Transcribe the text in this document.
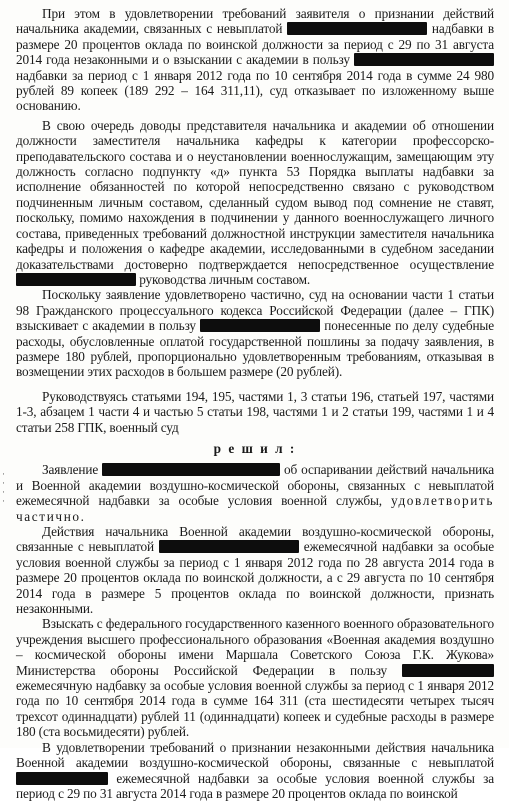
·
·
·
·

При этом в удовлетворении требований заявителя о признании действий начальника академии, связанных с невыплатой	надбавки в размере 20 процентов оклада по воинской должности за период с 29 по 31 августа 2014 года незаконными и о взыскании с академии в пользу  надбавки за период с 1 января 2012 года по 10 сентября 2014 года в сумме 24 980 рублей 89 копеек (189 292 – 164 311,11), суд отказывает по изложенному выше основанию.

В свою очередь доводы представителя начальника и академии об отношении должности заместителя начальника кафедры к категории профессорско-преподавательского состава и о неустановлении военнослужащим, замещающим эту должность согласно подпункту «д» пункта 53 Порядка выплаты надбавки за исполнение обязанностей по которой непосредственно связано с руководством подчиненным личным составом, сделанный судом вывод под сомнение не ставят, поскольку, помимо нахождения в подчинении у данного военнослужащего личного состава, приведенных требований должностной инструкции заместителя начальника кафедры и положения о кафедре академии, исследованными в судебном заседании доказательствами достоверно подтверждается непосредственное осуществление  руководства личным составом.

Поскольку заявление удовлетворено частично, суд на основании части 1 статьи 98 Гражданского процессуального кодекса Российской Федерации (далее – ГПК) взыскивает с академии в пользу	понесенные по делу судебные расходы, обусловленные оплатой государственной пошлины за подачу заявления, в размере 180 рублей, пропорционально удовлетворенным требованиям, отказывая в возмещении этих расходов в большем размере (20 рублей).

Руководствуясь статьями 194, 195, частями 1, 3 статьи 196, статьей 197, частями 1-3, абзацем 1 части 4 и частью 5 статьи 198, частями 1 и 2 статьи 199, частями 1 и 4 статьи 258 ГПК, военный суд

р е ш и л :

Заявление	об оспаривании действий начальника и Военной академии воздушно-космической обороны, связанных с невыплатой ежемесячной надбавки за особые условия военной службы, удовлетворить частично.

Действия начальника Военной академии воздушно-космической обороны, связанные с невыплатой	ежемесячной надбавки за особые условия военной службы за период с 1 января 2012 года по 28 августа 2014 года в размере 20 процентов оклада по воинской должности, а с 29 августа по 10 сентября 2014 года в размере 5 процентов оклада по воинской должности, признать незаконными.

Взыскать с федерального государственного казенного военного образовательного учреждения высшего профессионального образования «Военная академия воздушно – космической обороны имени Маршала Советского Союза Г.К. Жукова» Министерства обороны Российской Федерации в пользу  ежемесячную надбавку за особые условия военной службы за период с 1 января 2012 года по 10 сентября 2014 года в сумме 164 311 (ста шестидесяти четырех тысяч трехсот одиннадцати) рублей 11 (одиннадцати) копеек и судебные расходы в размере 180 (ста восьмидесяти) рублей.

В удовлетворении требований о признании незаконными действия начальника Военной академии воздушно-космической обороны, связанные с невыплатой  ежемесячной надбавки за особые условия военной службы за период с 29 по 31 августа 2014 года в размере 20 процентов оклада по воинской
